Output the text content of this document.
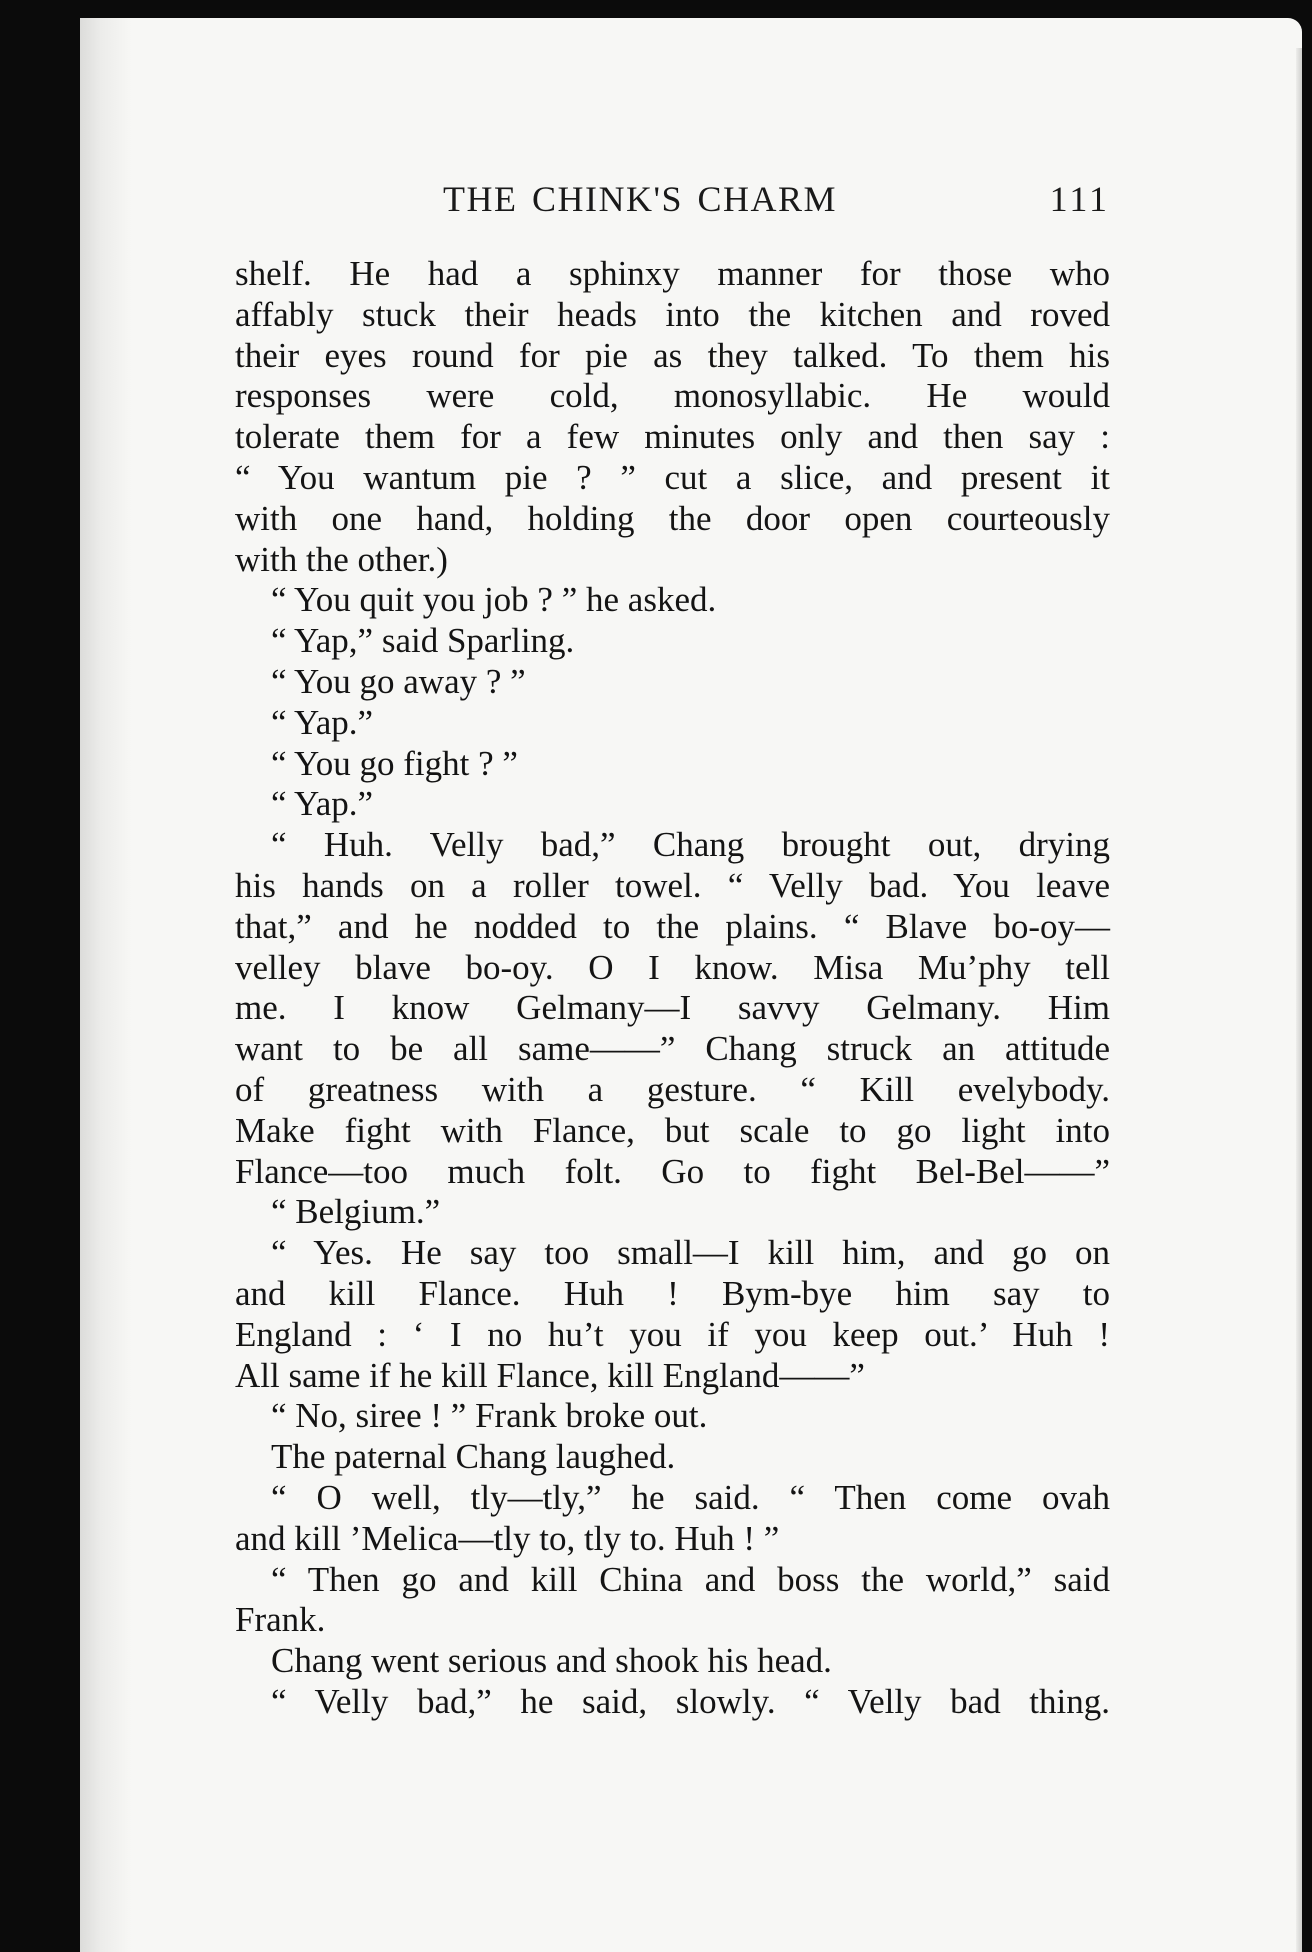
THE CHINK'S CHARM	111
shelf. He had a sphinxy manner for those who
affably stuck their heads into the kitchen and roved
their eyes round for pie as they talked. To them his
responses were cold, monosyllabic. He would
tolerate them for a few minutes only and then say :
“ You wantum pie ? ” cut a slice, and present it
with one hand, holding the door open courteously
with the other.)
“ You quit you job ? ” he asked.
“ Yap,” said Sparling.
“ You go away ? ”
“ Yap.”
“ You go fight ? ”
“ Yap.”
“ Huh. Velly bad,” Chang brought out, drying
his hands on a roller towel. “ Velly bad. You leave
that,” and he nodded to the plains. “ Blave bo-oy—
velley blave bo-oy. O I know. Misa Mu’phy tell
me. I know Gelmany—I savvy Gelmany. Him
want to be all same——” Chang struck an attitude
of greatness with a gesture. “ Kill evelybody.
Make fight with Flance, but scale to go light into
Flance—too much folt. Go to fight Bel-Bel——”
“ Belgium.”
“ Yes. He say too small—I kill him, and go on
and kill Flance. Huh ! Bym-bye him say to
England : ‘ I no hu’t you if you keep out.’ Huh !
All same if he kill Flance, kill England——”
“ No, siree ! ” Frank broke out.
The paternal Chang laughed.
“ O well, tly—tly,” he said. “ Then come ovah
and kill ’Melica—tly to, tly to. Huh ! ”
“ Then go and kill China and boss the world,” said
Frank.
Chang went serious and shook his head.
“ Velly bad,” he said, slowly. “ Velly bad thing.
